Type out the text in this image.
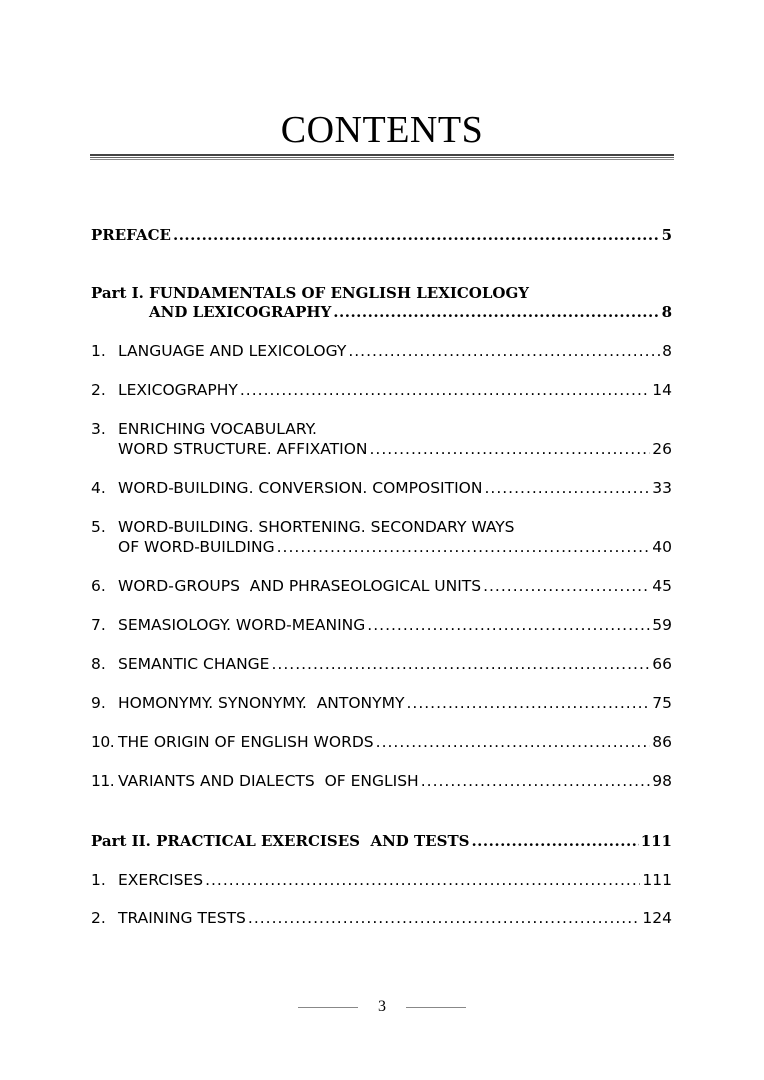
CONTENTS
PREFACE .....	5
Part I. FUNDAMENTALS OF ENGLISH LEXICOLOGY
AND LEXICOGRAPHY .....	8
1. LANGUAGE AND LEXICOLOGY .....	8
2. LEXICOGRAPHY .....	14
3. ENRICHING VOCABULARY.
WORD STRUCTURE. AFFIXATION .....	26
4. WORD-BUILDING. CONVERSION. COMPOSITION .....	33
5. WORD-BUILDING. SHORTENING. SECONDARY WAYS
OF WORD-BUILDING .....	40
6. WORD-GROUPS  AND PHRASEOLOGICAL UNITS .....	45
7. SEMASIOLOGY. WORD-MEANING .....	59
8. SEMANTIC CHANGE .....	66
9. HOMONYMY. SYNONYMY.  ANTONYMY .....	75
10. THE ORIGIN OF ENGLISH WORDS .....	86
11. VARIANTS AND DIALECTS  OF ENGLISH .....	98
Part II. PRACTICAL EXERCISES  AND TESTS .....	111
1. EXERCISES .....	111
2. TRAINING TESTS .....	124
3
